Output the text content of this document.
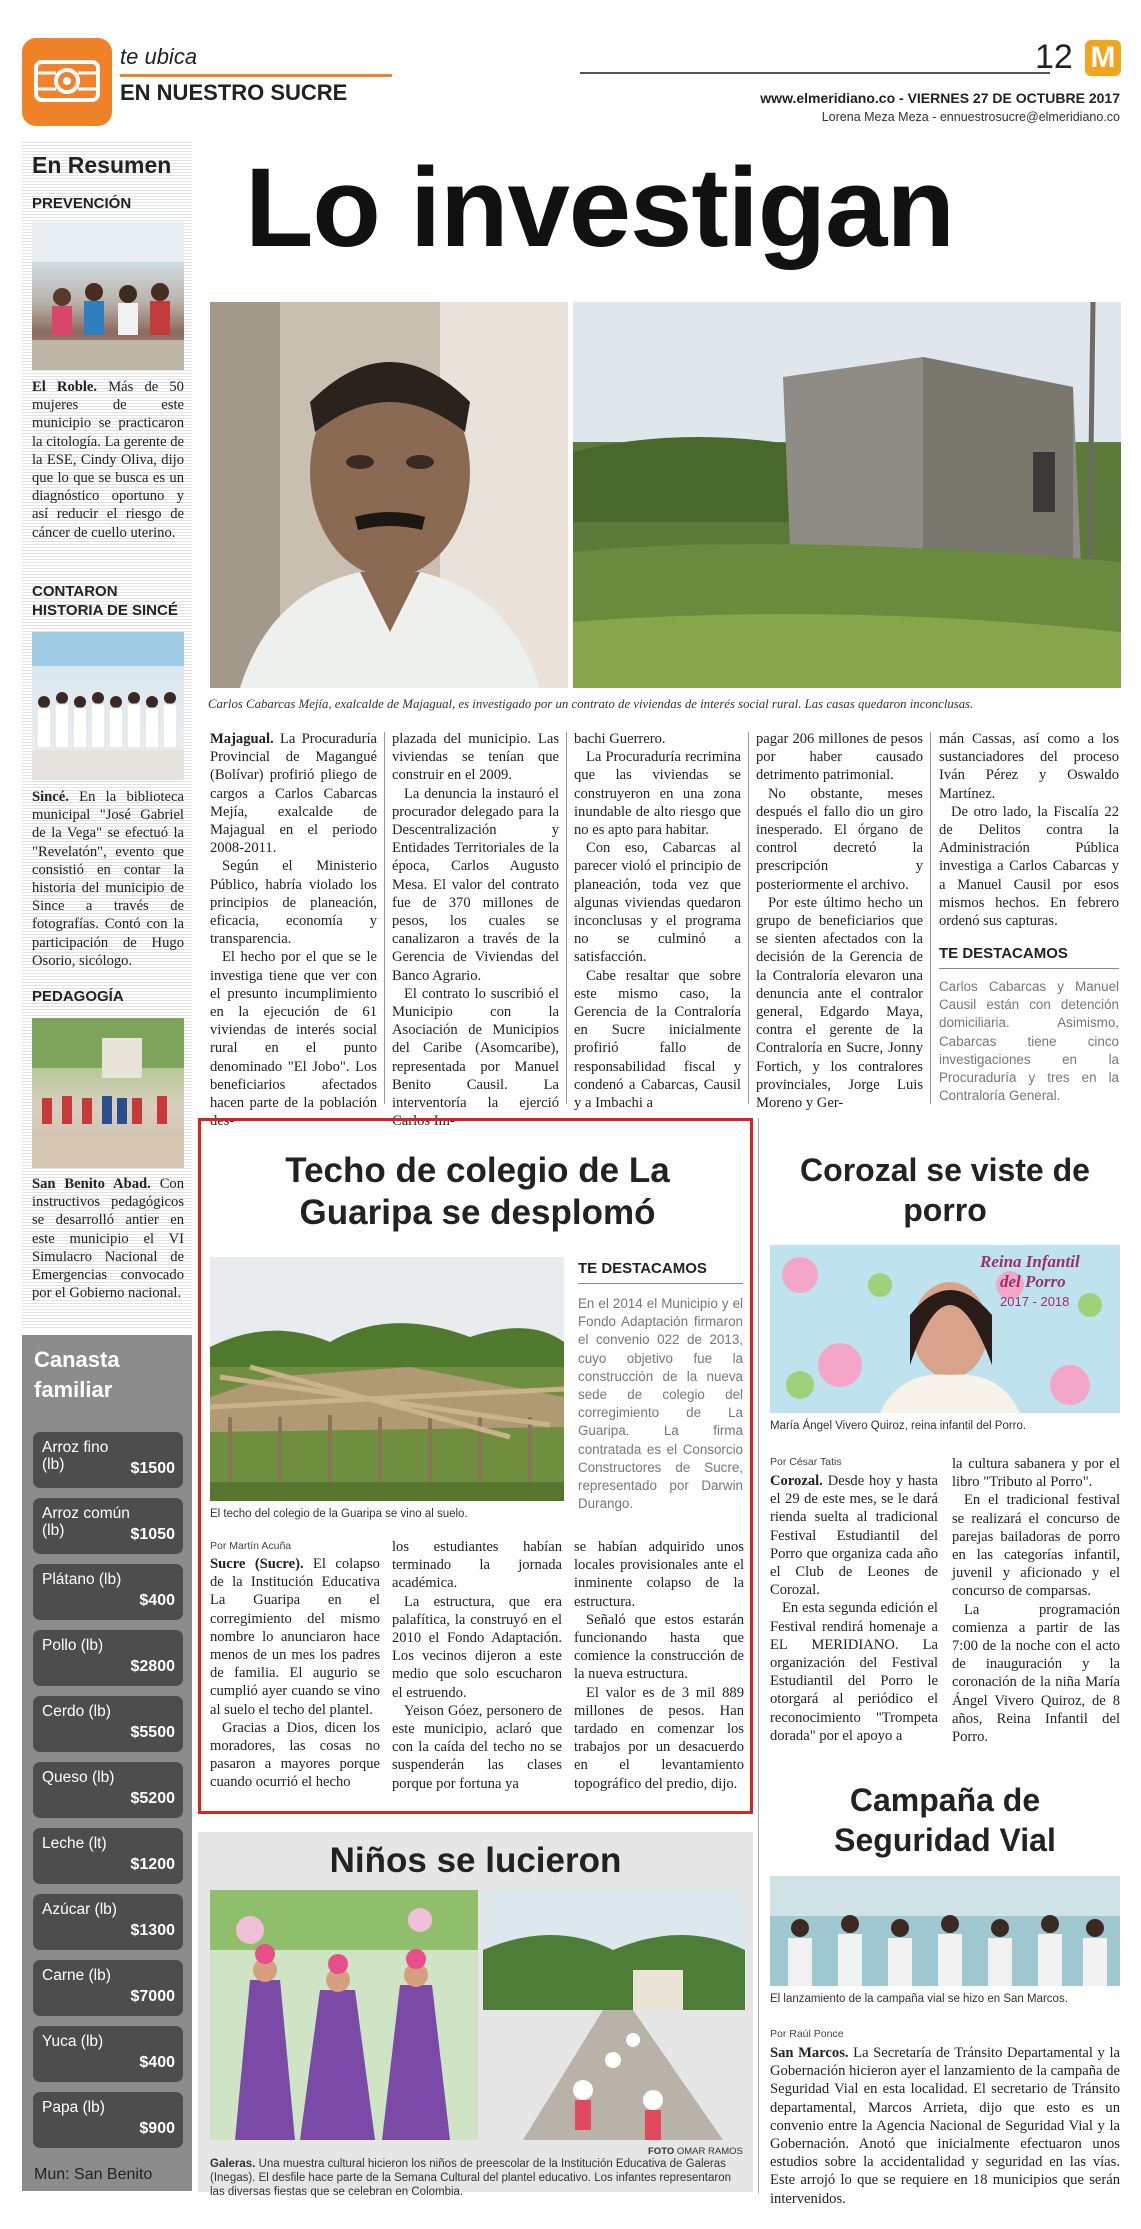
te ubica
EN NUESTRO SUCRE
12 M
www.elmeridiano.co - VIERNES 27 DE OCTUBRE 2017
Lorena Meza Meza - ennuestrosucre@elmeridiano.co
En Resumen
PREVENCIÓN
El Roble. Más de 50 mujeres de este municipio se practicaron la citología. La gerente de la ESE, Cindy Oliva, dijo que lo que se busca es un diagnóstico oportuno y así reducir el riesgo de cáncer de cuello uterino.
CONTARON HISTORIA DE SINCÉ
Sincé. En la biblioteca municipal "José Gabriel de la Vega" se efectuó la "Revelatón", evento que consistió en contar la historia del municipio de Since a través de fotografías. Contó con la participación de Hugo Osorio, sicólogo.
PEDAGOGÍA
San Benito Abad. Con instructivos pedagógicos se desarrolló antier en este municipio el VI Simulacro Nacional de Emergencias convocado por el Gobierno nacional.
Canasta familiar
Arroz fino (lb)	$1500
Arroz común (lb)	$1050
Plátano (lb)
$400
Pollo (lb)
$2800
Cerdo (lb)
$5500
Queso (lb)
$5200
Leche (lt)
$1200
Azúcar (lb)
$1300
Carne (lb)
$7000
Yuca (lb)
$400
Papa (lb)
$900
Mun: San Benito
Lo investigan
Carlos Cabarcas Mejía, exalcalde de Majagual, es investigado por un contrato de viviendas de interés social rural. Las casas quedaron inconclusas.

Majagual. La Procuraduría Provincial de Magangué (Bolívar) profirió pliego de cargos a Carlos Cabarcas Mejía, exalcalde de Majagual en el periodo 2008-2011.

Según el Ministerio Público, habría violado los principios de planeación, eficacia, economía y transparencia.

El hecho por el que se le investiga tiene que ver con el presunto incumplimiento en la ejecución de 61 viviendas de interés social rural en el punto denominado "El Jobo". Los beneficiarios afectados hacen parte de la población des-

plazada del municipio. Las viviendas se tenían que construir en el 2009.

La denuncia la instauró el procurador delegado para la Descentralización y Entidades Territoriales de la época, Carlos Augusto Mesa. El valor del contrato fue de 370 millones de pesos, los cuales se canalizaron a través de la Gerencia de Viviendas del Banco Agrario.

El contrato lo suscribió el Municipio con la Asociación de Municipios del Caribe (Asomcaribe), representada por Manuel Benito Causil. La interventoría la ejerció Carlos Im-

bachi Guerrero.

La Procuraduría recrimina que las viviendas se construyeron en una zona inundable de alto riesgo que no es apto para habitar.

Con eso, Cabarcas al parecer violó el principio de planeación, toda vez que algunas viviendas quedaron inconclusas y el programa no se culminó a satisfacción.

Cabe resaltar que sobre este mismo caso, la Gerencia de la Contraloría en Sucre inicialmente profirió fallo de responsabilidad fiscal y condenó a Cabarcas, Causil y a Imbachi a

pagar 206 millones de pesos por haber causado detrimento patrimonial.

No obstante, meses después el fallo dio un giro inesperado. El órgano de control decretó la prescripción y posteriormente el archivo.

Por este último hecho un grupo de beneficiarios que se sienten afectados con la decisión de la Gerencia de la Contraloría elevaron una denuncia ante el contralor general, Edgardo Maya, contra el gerente de la Contraloría en Sucre, Jonny Fortich, y los contralores provinciales, Jorge Luis Moreno y Ger-

mán Cassas, así como a los sustanciadores del proceso Iván Pérez y Oswaldo Martínez.

De otro lado, la Fiscalía 22 de Delitos contra la Administración Pública investiga a Carlos Cabarcas y a Manuel Causil por esos mismos hechos. En febrero ordenó sus capturas.

TE DESTACAMOS
Carlos Cabarcas y Manuel Causil están con detención domiciliaria. Asimismo, Cabarcas tiene cinco investigaciones en la Procuraduría y tres en la Contraloría General.
Techo de colegio de La Guaripa se desplomó
El techo del colegio de la Guaripa se vino al suelo.
TE DESTACAMOS
En el 2014 el Municipio y el Fondo Adaptación firmaron el convenio 022 de 2013, cuyo objetivo fue la construcción de la nueva sede de colegio del corregimiento de La Guaripa. La firma contratada es el Consorcio Constructores de Sucre, representado por Darwin Durango.
Por Martín Acuña

Sucre (Sucre). El colapso de la Institución Educativa La Guaripa en el corregimiento del mismo nombre lo anunciaron hace menos de un mes los padres de familia. El augurio se cumplió ayer cuando se vino al suelo el techo del plantel.

Gracias a Dios, dicen los moradores, las cosas no pasaron a mayores porque cuando ocurrió el hecho

los estudiantes habían terminado la jornada académica.

La estructura, que era palafítica, la construyó en el 2010 el Fondo Adaptación. Los vecinos dijeron a este medio que solo escucharon el estruendo.

Yeison Góez, personero de este municipio, aclaró que con la caída del techo no se suspenderán las clases porque por fortuna ya

se habían adquirido unos locales provisionales ante el inminente colapso de la estructura.

Señaló que estos estarán funcionando hasta que comience la construcción de la nueva estructura.

El valor es de 3 mil 889 millones de pesos. Han tardado en comenzar los trabajos por un desacuerdo en el levantamiento topográfico del predio, dijo.

Corozal se viste de porro
Reina Infantil
del Porro
2017 - 2018
María Ángel Vivero Quiroz, reina infantil del Porro.
Por César Tatis

Corozal. Desde hoy y hasta el 29 de este mes, se le dará rienda suelta al tradicional Festival Estudiantil del Porro que organiza cada año el Club de Leones de Corozal.

En esta segunda edición el Festival rendirá homenaje a EL MERIDIANO. La organización del Festival Estudiantil del Porro le otorgará al periódico el reconocimiento "Trompeta dorada" por el apoyo a

la cultura sabanera y por el libro "Tributo al Porro".

En el tradicional festival se realizará el concurso de parejas bailadoras de porro en las categorías infantil, juvenil y aficionado y el concurso de comparsas.

La programación comienza a partir de las 7:00 de la noche con el acto de inauguración y la coronación de la niña María Ángel Vivero Quiroz, de 8 años, Reina Infantil del Porro.

Niños se lucieron
FOTO OMAR RAMOS
Galeras. Una muestra cultural hicieron los niños de preescolar de la Institución Educativa de Galeras (Inegas). El desfile hace parte de la Semana Cultural del plantel educativo. Los infantes representaron las diversas fiestas que se celebran en Colombia.
Campaña de Seguridad Vial
El lanzamiento de la campaña vial se hizo en San Marcos.
Por Raúl Ponce

San Marcos. La Secretaría de Tránsito Departamental y la Gobernación hicieron ayer el lanzamiento de la campaña de Seguridad Vial en esta localidad. El secretario de Tránsito departamental, Marcos Arrieta, dijo que esto es un convenio entre la Agencia Nacional de Seguridad Vial y la Gobernación. Anotó que inicialmente efectuaron unos estudios sobre la accidentalidad y seguridad en las vías. Este arrojó lo que se requiere en 18 municipios que serán intervenidos.
